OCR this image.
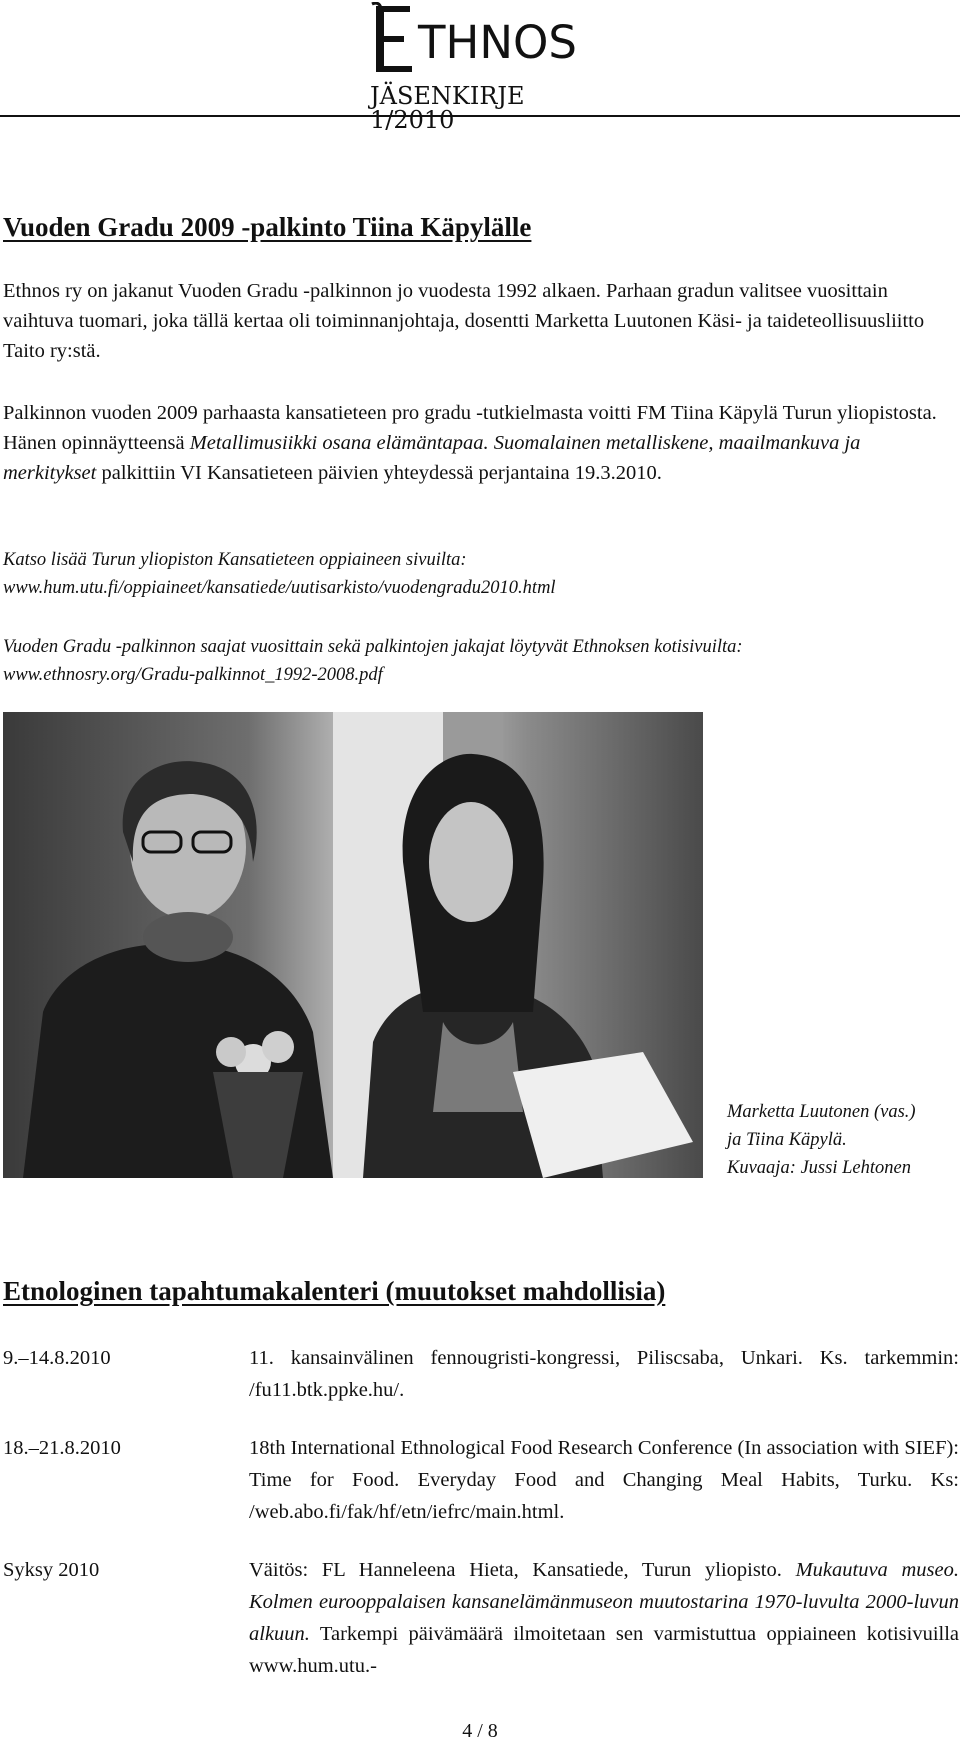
THNOS
JÄSENKIRJE 1/2010
Vuoden Gradu 2009 -palkinto Tiina Käpylälle

Ethnos ry on jakanut Vuoden Gradu -palkinnon jo vuodesta 1992 alkaen. Parhaan gradun valitsee vuosittain vaihtuva tuomari, joka tällä kertaa oli toiminnanjohtaja, dosentti Marketta Luutonen Käsi- ja taideteollisuusliitto Taito ry:stä.

Palkinnon vuoden 2009 parhaasta kansatieteen pro gradu -tutkielmasta voitti FM Tiina Käpylä Turun yliopistosta. Hänen opinnäytteensä Metallimusiikki osana elämäntapaa. Suomalainen metalliskene, maailmankuva ja merkitykset palkittiin VI Kansatieteen päivien yhteydessä perjantaina 19.3.2010.

Katso lisää Turun yliopiston Kansatieteen oppiaineen sivuilta:
www.hum.utu.fi/oppiaineet/kansatiede/uutisarkisto/vuodengradu2010.html

Vuoden Gradu -palkinnon saajat vuosittain sekä palkintojen jakajat löytyvät Ethnoksen kotisivuilta:
www.ethnosry.org/Gradu-palkinnot_1992-2008.pdf

Marketta Luutonen (vas.)
ja Tiina Käpylä.
Kuvaaja: Jussi Lehtonen
Etnologinen tapahtumakalenteri (muutokset mahdollisia)
9.–14.8.2010	11. kansainvälinen fennougristi-kongressi, Piliscsaba, Unkari. Ks. tarkemmin: /fu11.btk.ppke.hu/.
18.–21.8.2010	18th International Ethnological Food Research Conference (In association with SIEF): Time for Food. Everyday Food and Changing Meal Habits, Turku. Ks: /web.abo.fi/fak/hf/etn/iefrc/main.html.
Syksy 2010	Väitös: FL Hanneleena Hieta, Kansatiede, Turun yliopisto. Mukautuva museo. Kolmen eurooppalaisen kansanelämänmuseon muutostarina 1970-luvulta 2000-luvun alkuun. Tarkempi päivämäärä ilmoitetaan sen varmistuttua oppiaineen kotisivuilla www.hum.utu.-
4 / 8
